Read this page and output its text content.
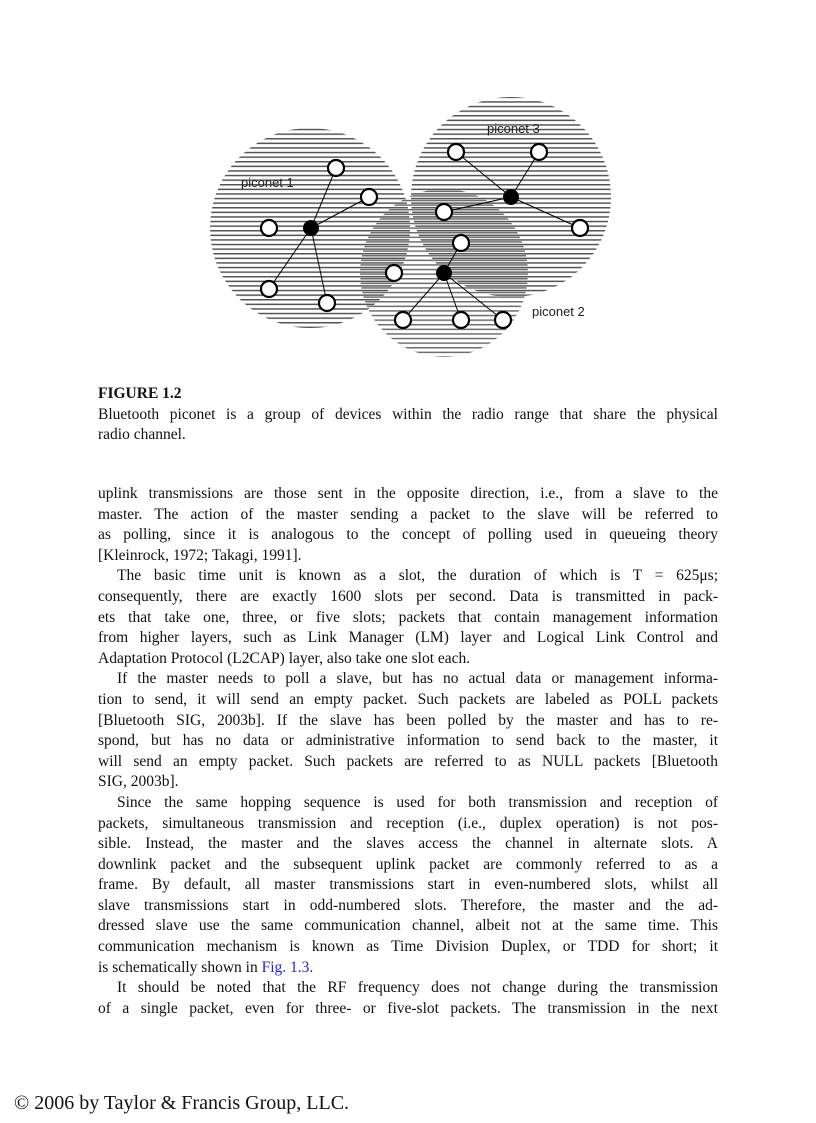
piconet 1
piconet 2
piconet 3
FIGURE 1.2
Bluetooth piconet is a group of devices within the radio range that share the physical
radio channel.
uplink transmissions are those sent in the opposite direction, i.e., from a slave to the
master. The action of the master sending a packet to the slave will be referred to
as polling, since it is analogous to the concept of polling used in queueing theory
[Kleinrock, 1972; Takagi, 1991].
The basic time unit is known as a slot, the duration of which is T = 625μs;
consequently, there are exactly 1600 slots per second. Data is transmitted in pack-
ets that take one, three, or five slots; packets that contain management information
from higher layers, such as Link Manager (LM) layer and Logical Link Control and
Adaptation Protocol (L2CAP) layer, also take one slot each.
If the master needs to poll a slave, but has no actual data or management informa-
tion to send, it will send an empty packet. Such packets are labeled as POLL packets
[Bluetooth SIG, 2003b]. If the slave has been polled by the master and has to re-
spond, but has no data or administrative information to send back to the master, it
will send an empty packet. Such packets are referred to as NULL packets [Bluetooth
SIG, 2003b].
Since the same hopping sequence is used for both transmission and reception of
packets, simultaneous transmission and reception (i.e., duplex operation) is not pos-
sible. Instead, the master and the slaves access the channel in alternate slots. A
downlink packet and the subsequent uplink packet are commonly referred to as a
frame. By default, all master transmissions start in even-numbered slots, whilst all
slave transmissions start in odd-numbered slots. Therefore, the master and the ad-
dressed slave use the same communication channel, albeit not at the same time. This
communication mechanism is known as Time Division Duplex, or TDD for short; it
is schematically shown in Fig. 1.3.
It should be noted that the RF frequency does not change during the transmission
of a single packet, even for three- or five-slot packets. The transmission in the next
© 2006 by Taylor & Francis Group, LLC.
